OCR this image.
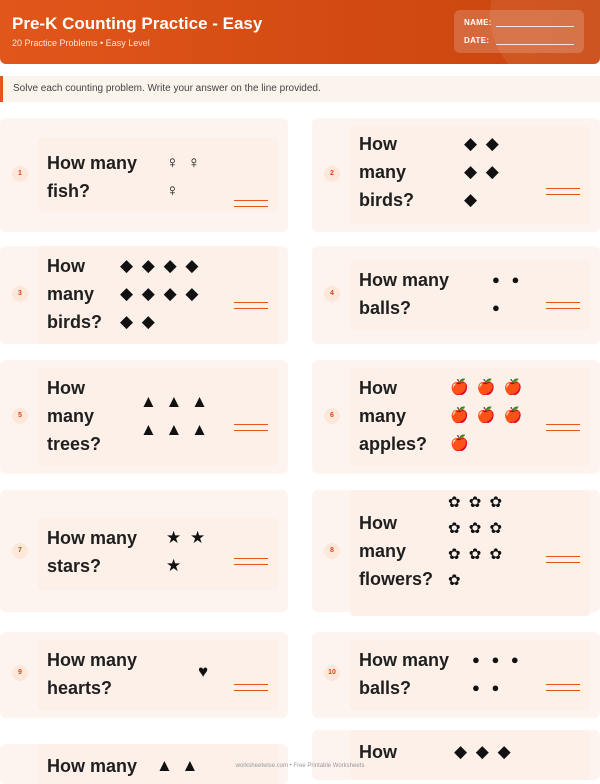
Pre-K Counting Practice - Easy
20 Practice Problems • Easy Level
NAME:
DATE:
Solve each counting problem. Write your answer on the line provided.
1
How many
fish?
♀ ♀
♀
2
How
many
birds?
◆ ◆
◆ ◆
◆
3
How
many
birds?
◆ ◆ ◆ ◆
◆ ◆ ◆ ◆
◆ ◆
4
How many
balls?
● ●
●
5
How
many
trees?
▲ ▲ ▲
▲ ▲ ▲
6
How
many
apples?
🍎 🍎 🍎
🍎 🍎 🍎
🍎
7
How many
stars?
★ ★
★
8
How
many
flowers?
✿ ✿ ✿
✿ ✿ ✿
✿ ✿ ✿
✿
9
How many
hearts?
♥	10
How many
balls?
● ● ●
● ●
How many ▲ ▲
How	◆ ◆ ◆
worksheetwise.com • Free Printable Worksheets
